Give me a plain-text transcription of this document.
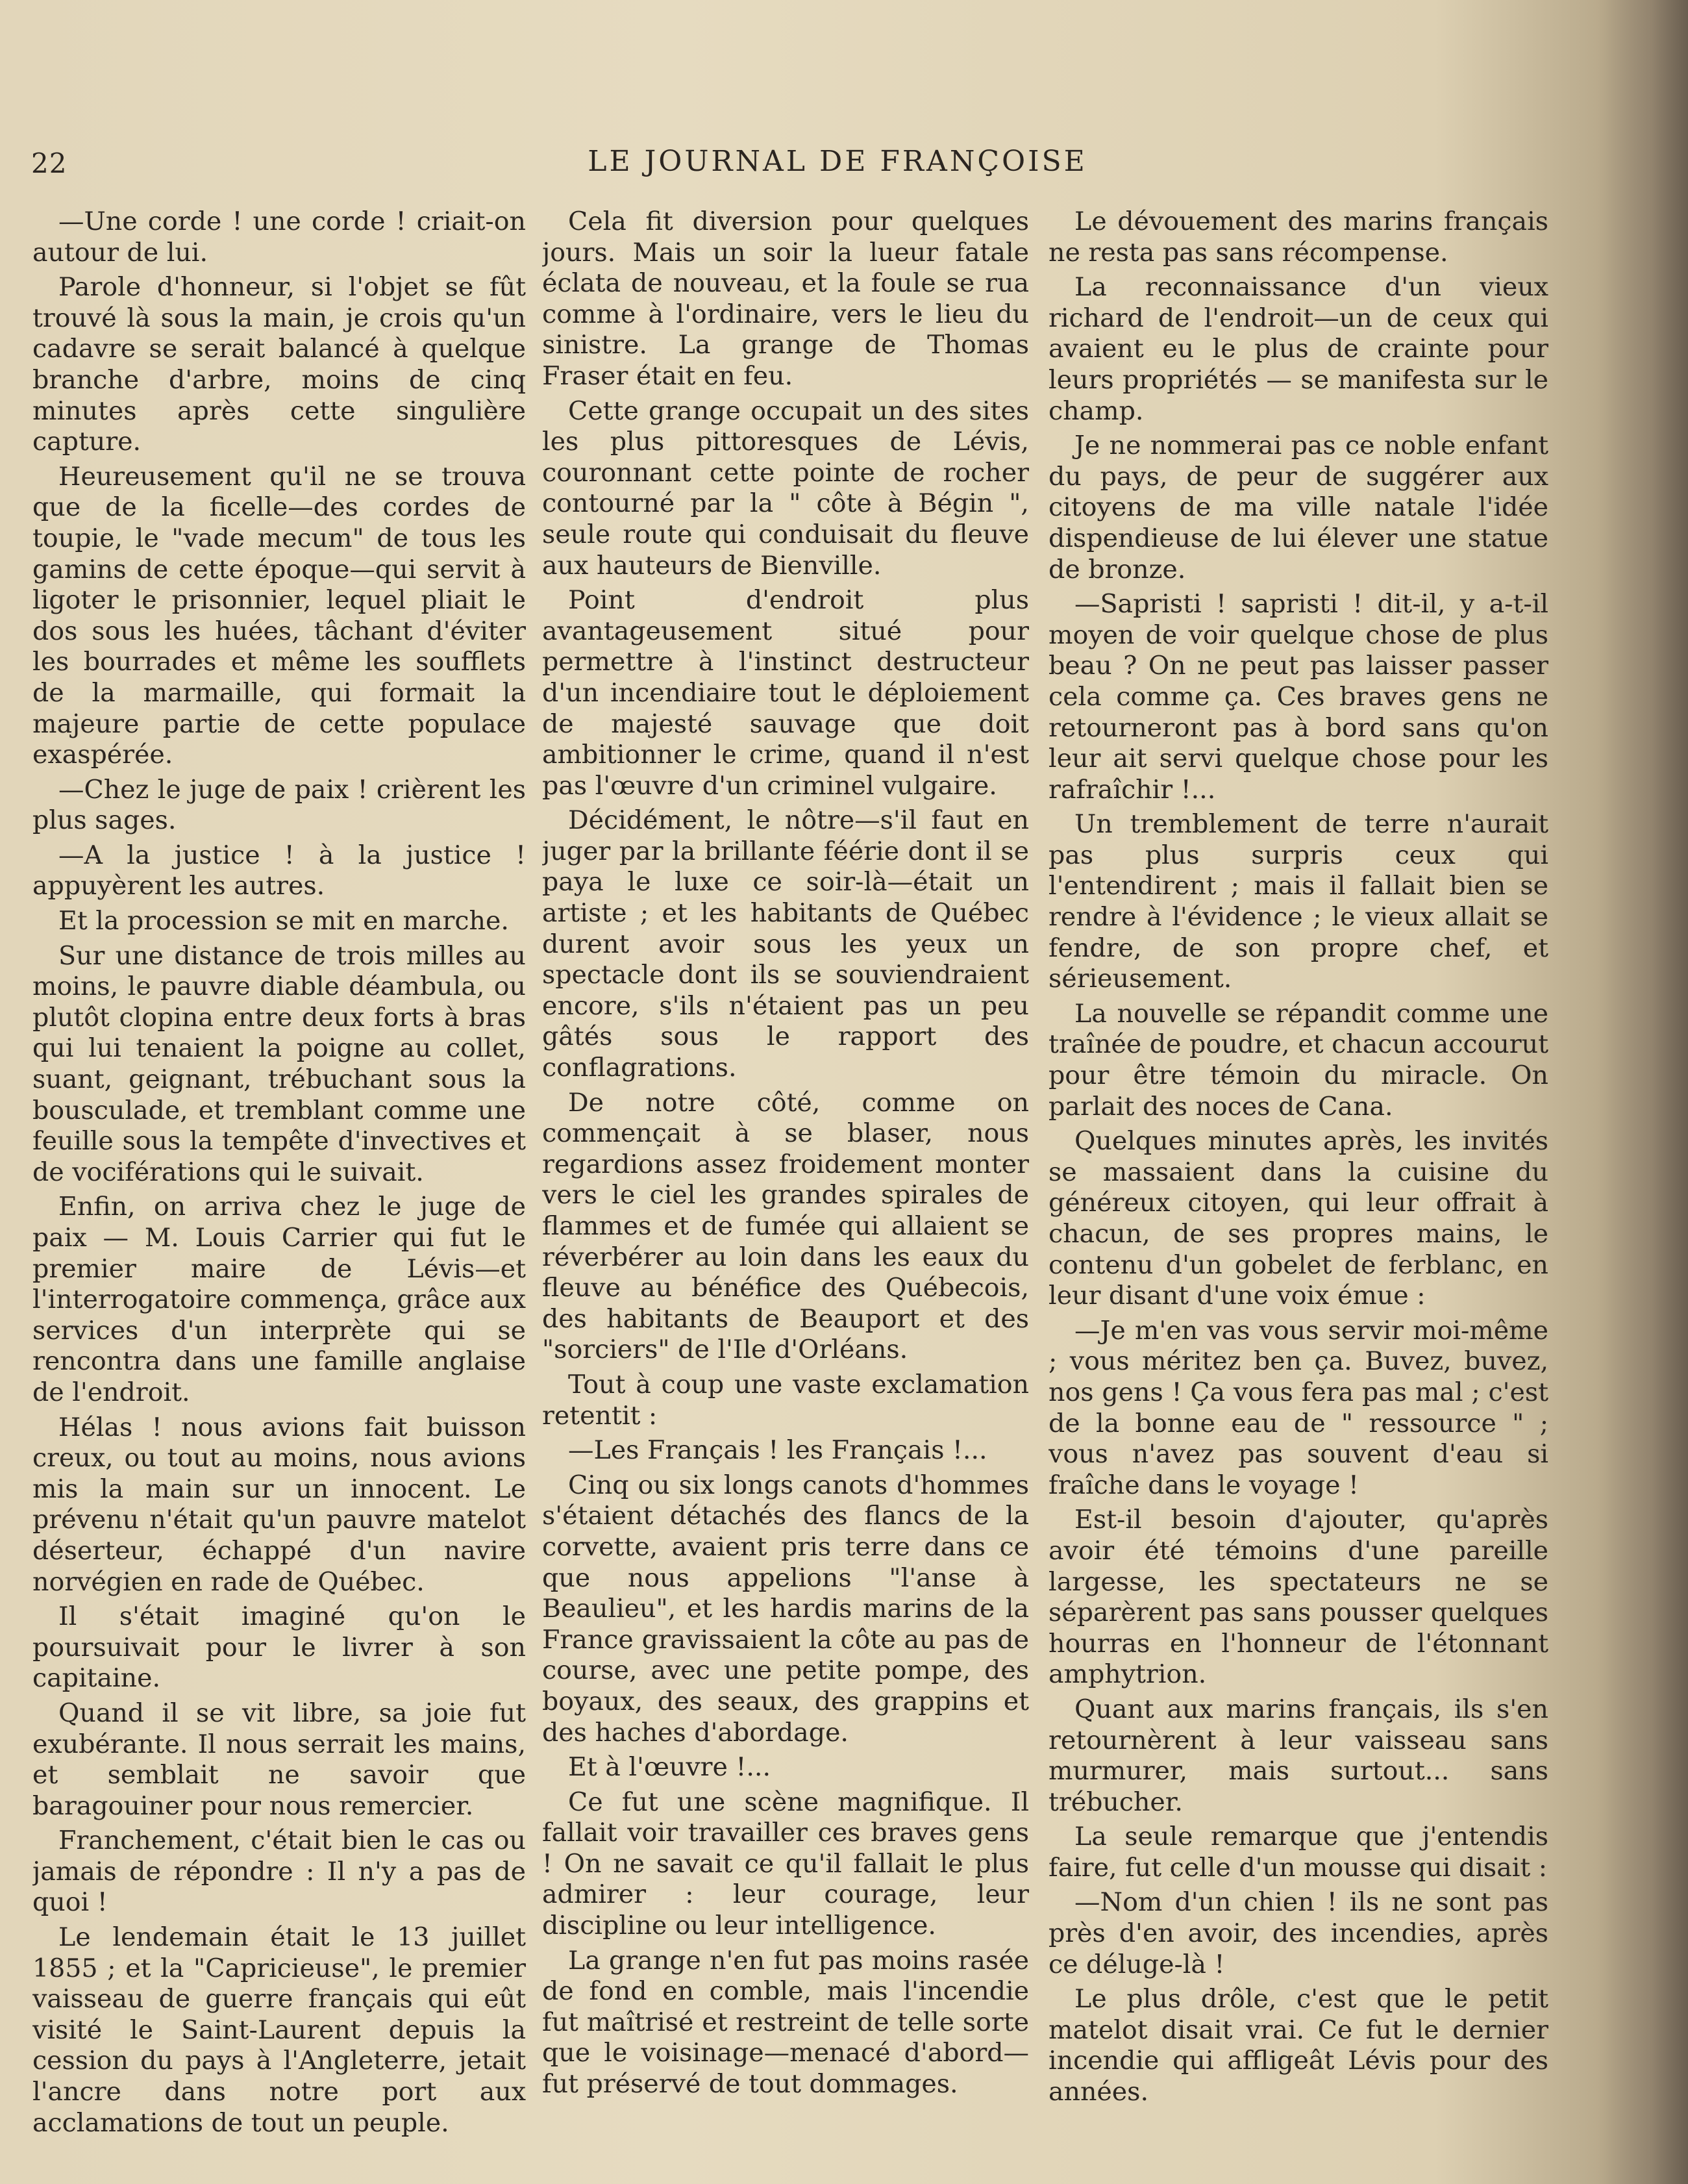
22	LE JOURNAL DE FRANÇOISE

—Une corde ! une corde ! criait-on autour de lui.

Parole d'honneur, si l'objet se fût trouvé là sous la main, je crois qu'un cadavre se serait balancé à quelque branche d'arbre, moins de cinq minutes après cette singulière capture.

Heureusement qu'il ne se trouva que de la ficelle—des cordes de toupie, le "vade mecum" de tous les gamins de cette époque—qui servit à ligoter le prisonnier, lequel pliait le dos sous les huées, tâchant d'éviter les bourrades et même les soufflets de la marmaille, qui formait la majeure partie de cette populace exaspérée.

—Chez le juge de paix ! crièrent les plus sages.

—A la justice ! à la justice ! appuyèrent les autres.

Et la procession se mit en marche.

Sur une distance de trois milles au moins, le pauvre diable déambula, ou plutôt clopina entre deux forts à bras qui lui tenaient la poigne au collet, suant, geignant, trébuchant sous la bousculade, et tremblant comme une feuille sous la tempête d'invectives et de vociférations qui le suivait.

Enfin, on arriva chez le juge de paix — M. Louis Carrier qui fut le premier maire de Lévis—et l'interrogatoire commença, grâce aux services d'un interprète qui se rencontra dans une famille anglaise de l'endroit.

Hélas ! nous avions fait buisson creux, ou tout au moins, nous avions mis la main sur un innocent. Le prévenu n'était qu'un pauvre matelot déserteur, échappé d'un navire norvégien en rade de Québec.

Il s'était imaginé qu'on le poursuivait pour le livrer à son capitaine.

Quand il se vit libre, sa joie fut exubérante. Il nous serrait les mains, et semblait ne savoir que baragouiner pour nous remercier.

Franchement, c'était bien le cas ou jamais de répondre : Il n'y a pas de quoi !

Le lendemain était le 13 juillet 1855 ; et la "Capricieuse", le premier vaisseau de guerre français qui eût visité le Saint-Laurent depuis la cession du pays à l'Angleterre, jetait l'ancre dans notre port aux acclamations de tout un peuple.

Cela fit diversion pour quelques jours. Mais un soir la lueur fatale éclata de nouveau, et la foule se rua comme à l'ordinaire, vers le lieu du sinistre. La grange de Thomas Fraser était en feu.

Cette grange occupait un des sites les plus pittoresques de Lévis, couronnant cette pointe de rocher contourné par la " côte à Bégin ", seule route qui conduisait du fleuve aux hauteurs de Bienville.

Point d'endroit plus avantageusement situé pour permettre à l'instinct destructeur d'un incendiaire tout le déploiement de majesté sauvage que doit ambitionner le crime, quand il n'est pas l'œuvre d'un criminel vulgaire.

Décidément, le nôtre—s'il faut en juger par la brillante féérie dont il se paya le luxe ce soir-là—était un artiste ; et les habitants de Québec durent avoir sous les yeux un spectacle dont ils se souviendraient encore, s'ils n'étaient pas un peu gâtés sous le rapport des conflagrations.

De notre côté, comme on commençait à se blaser, nous regardions assez froidement monter vers le ciel les grandes spirales de flammes et de fumée qui allaient se réverbérer au loin dans les eaux du fleuve au bénéfice des Québecois, des habitants de Beauport et des "sorciers" de l'Ile d'Orléans.

Tout à coup une vaste exclamation retentit :

—Les Français ! les Français !...

Cinq ou six longs canots d'hommes s'étaient détachés des flancs de la corvette, avaient pris terre dans ce que nous appelions "l'anse à Beaulieu", et les hardis marins de la France gravissaient la côte au pas de course, avec une petite pompe, des boyaux, des seaux, des grappins et des haches d'abordage.

Et à l'œuvre !...

Ce fut une scène magnifique. Il fallait voir travailler ces braves gens ! On ne savait ce qu'il fallait le plus admirer : leur courage, leur discipline ou leur intelligence.

La grange n'en fut pas moins rasée de fond en comble, mais l'incendie fut maîtrisé et restreint de telle sorte que le voisinage—menacé d'abord—fut préservé de tout dommages.

Le dévouement des marins français ne resta pas sans récompense.

La reconnaissance d'un vieux richard de l'endroit—un de ceux qui avaient eu le plus de crainte pour leurs propriétés — se manifesta sur le champ.

Je ne nommerai pas ce noble enfant du pays, de peur de suggérer aux citoyens de ma ville natale l'idée dispendieuse de lui élever une statue de bronze.

—Sapristi ! sapristi ! dit-il, y a-t-il moyen de voir quelque chose de plus beau ? On ne peut pas laisser passer cela comme ça. Ces braves gens ne retourneront pas à bord sans qu'on leur ait servi quelque chose pour les rafraîchir !...

Un tremblement de terre n'aurait pas plus surpris ceux qui l'entendirent ; mais il fallait bien se rendre à l'évidence ; le vieux allait se fendre, de son propre chef, et sérieusement.

La nouvelle se répandit comme une traînée de poudre, et chacun accourut pour être témoin du miracle. On parlait des noces de Cana.

Quelques minutes après, les invités se massaient dans la cuisine du généreux citoyen, qui leur offrait à chacun, de ses propres mains, le contenu d'un gobelet de ferblanc, en leur disant d'une voix émue :

—Je m'en vas vous servir moi-même ; vous méritez ben ça. Buvez, buvez, nos gens ! Ça vous fera pas mal ; c'est de la bonne eau de " ressource " ; vous n'avez pas souvent d'eau si fraîche dans le voyage !

Est-il besoin d'ajouter, qu'après avoir été témoins d'une pareille largesse, les spectateurs ne se séparèrent pas sans pousser quelques hourras en l'honneur de l'étonnant amphytrion.

Quant aux marins français, ils s'en retournèrent à leur vaisseau sans murmurer, mais surtout... sans trébucher.

La seule remarque que j'entendis faire, fut celle d'un mousse qui disait :

—Nom d'un chien ! ils ne sont pas près d'en avoir, des incendies, après ce déluge-là !

Le plus drôle, c'est que le petit matelot disait vrai. Ce fut le dernier incendie qui affligeât Lévis pour des années.
